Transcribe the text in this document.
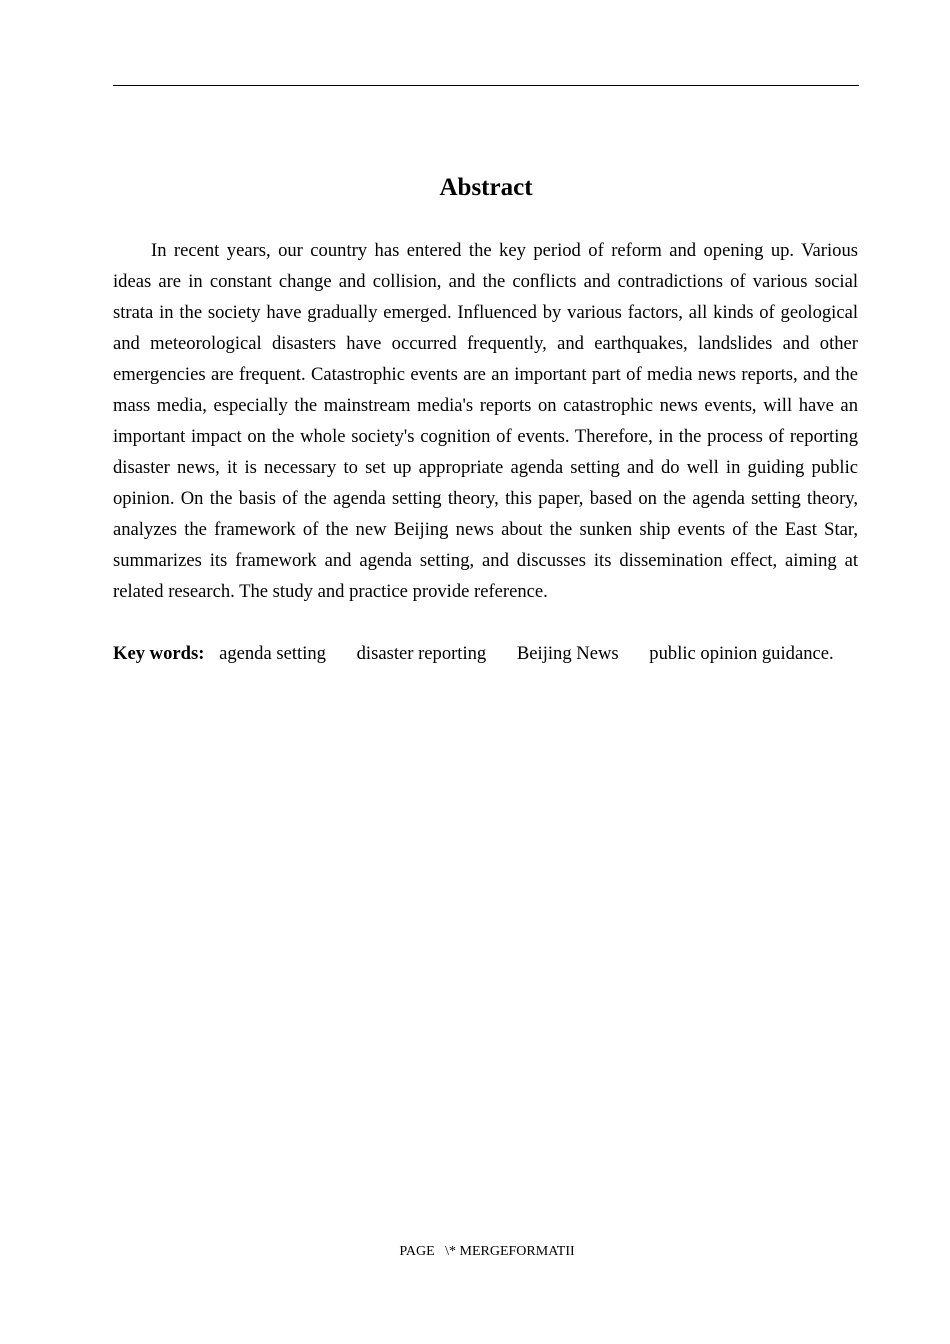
Abstract

In recent years, our country has entered the key period of reform and opening up. Various ideas are in constant change and collision, and the conflicts and contradictions of various social strata in the society have gradually emerged. Influenced by various factors, all kinds of geological and meteorological disasters have occurred frequently, and earthquakes, landslides and other emergencies are frequent. Catastrophic events are an important part of media news reports, and the mass media, especially the mainstream media's reports on catastrophic news events, will have an important impact on the whole society's cognition of events. Therefore, in the process of reporting disaster news, it is necessary to set up appropriate agenda setting and do well in guiding public opinion. On the basis of the agenda setting theory, this paper, based on the agenda setting theory, analyzes the framework of the new Beijing news about the sunken ship events of the East Star, summarizes its framework and agenda setting, and discusses its dissemination effect, aiming at related research. The study and practice provide reference.

Key words: agenda setting disaster reporting Beijing News public opinion guidance.
PAGE   \* MERGEFORMATII
